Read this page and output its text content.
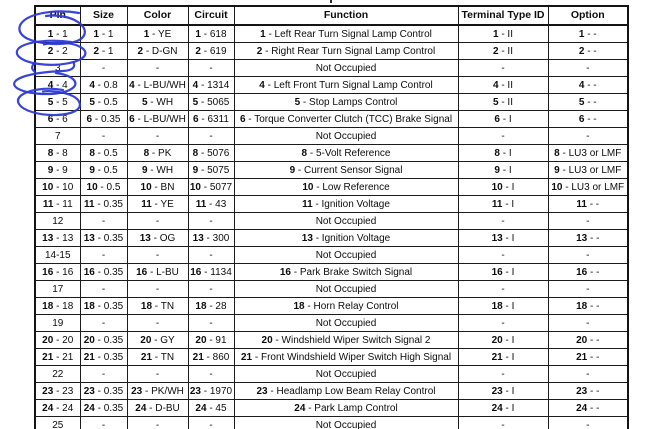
Pin	Size	Color	Circuit	Function	Terminal Type ID	Option
1 - 1	1 - 1	1 - YE	1 - 618	1 - Left Rear Turn Signal Lamp Control	1 - II	1 - -
2 - 2	2 - 1	2 - D-GN	2 - 619	2 - Right Rear Turn Signal Lamp Control	2 - II	2 - -
3	-	-	-	Not Occupied	-	-
4 - 4	4 - 0.8	4 - L-BU/WH	4 - 1314	4 - Left Front Turn Signal Lamp Control	4 - II	4 - -
5 - 5	5 - 0.5	5 - WH	5 - 5065	5 - Stop Lamps Control	5 - II	5 - -
6 - 6	6 - 0.35	6 - L-BU/WH	6 - 6311	6 - Torque Converter Clutch (TCC) Brake Signal	6 - I	6 - -
7	-	-	-	Not Occupied	-	-
8 - 8	8 - 0.5	8 - PK	8 - 5076	8 - 5-Volt Reference	8 - I	8 - LU3 or LMF
9 - 9	9 - 0.5	9 - WH	9 - 5075	9 - Current Sensor Signal	9 - I	9 - LU3 or LMF
10 - 10	10 - 0.5	10 - BN	10 - 5077	10 - Low Reference	10 - I	10 - LU3 or LMF
11 - 11	11 - 0.35	11 - YE	11 - 43	11 - Ignition Voltage	11 - I	11 - -
12	-	-	-	Not Occupied	-	-
13 - 13	13 - 0.35	13 - OG	13 - 300	13 - Ignition Voltage	13 - I	13 - -
14-15	-	-	-	Not Occupied	-	-
16 - 16	16 - 0.35	16 - L-BU	16 - 1134	16 - Park Brake Switch Signal	16 - I	16 - -
17	-	-	-	Not Occupied	-	-
18 - 18	18 - 0.35	18 - TN	18 - 28	18 - Horn Relay Control	18 - I	18 - -
19	-	-	-	Not Occupied	-	-
20 - 20	20 - 0.35	20 - GY	20 - 91	20 - Windshield Wiper Switch Signal 2	20 - I	20 - -
21 - 21	21 - 0.35	21 - TN	21 - 860	21 - Front Windshield Wiper Switch High Signal	21 - I	21 - -
22	-	-	-	Not Occupied	-	-
23 - 23	23 - 0.35	23 - PK/WH	23 - 1970	23 - Headlamp Low Beam Relay Control	23 - I	23 - -
24 - 24	24 - 0.35	24 - D-BU	24 - 45	24 - Park Lamp Control	24 - I	24 - -
25	-	-	-	Not Occupied	-	-
